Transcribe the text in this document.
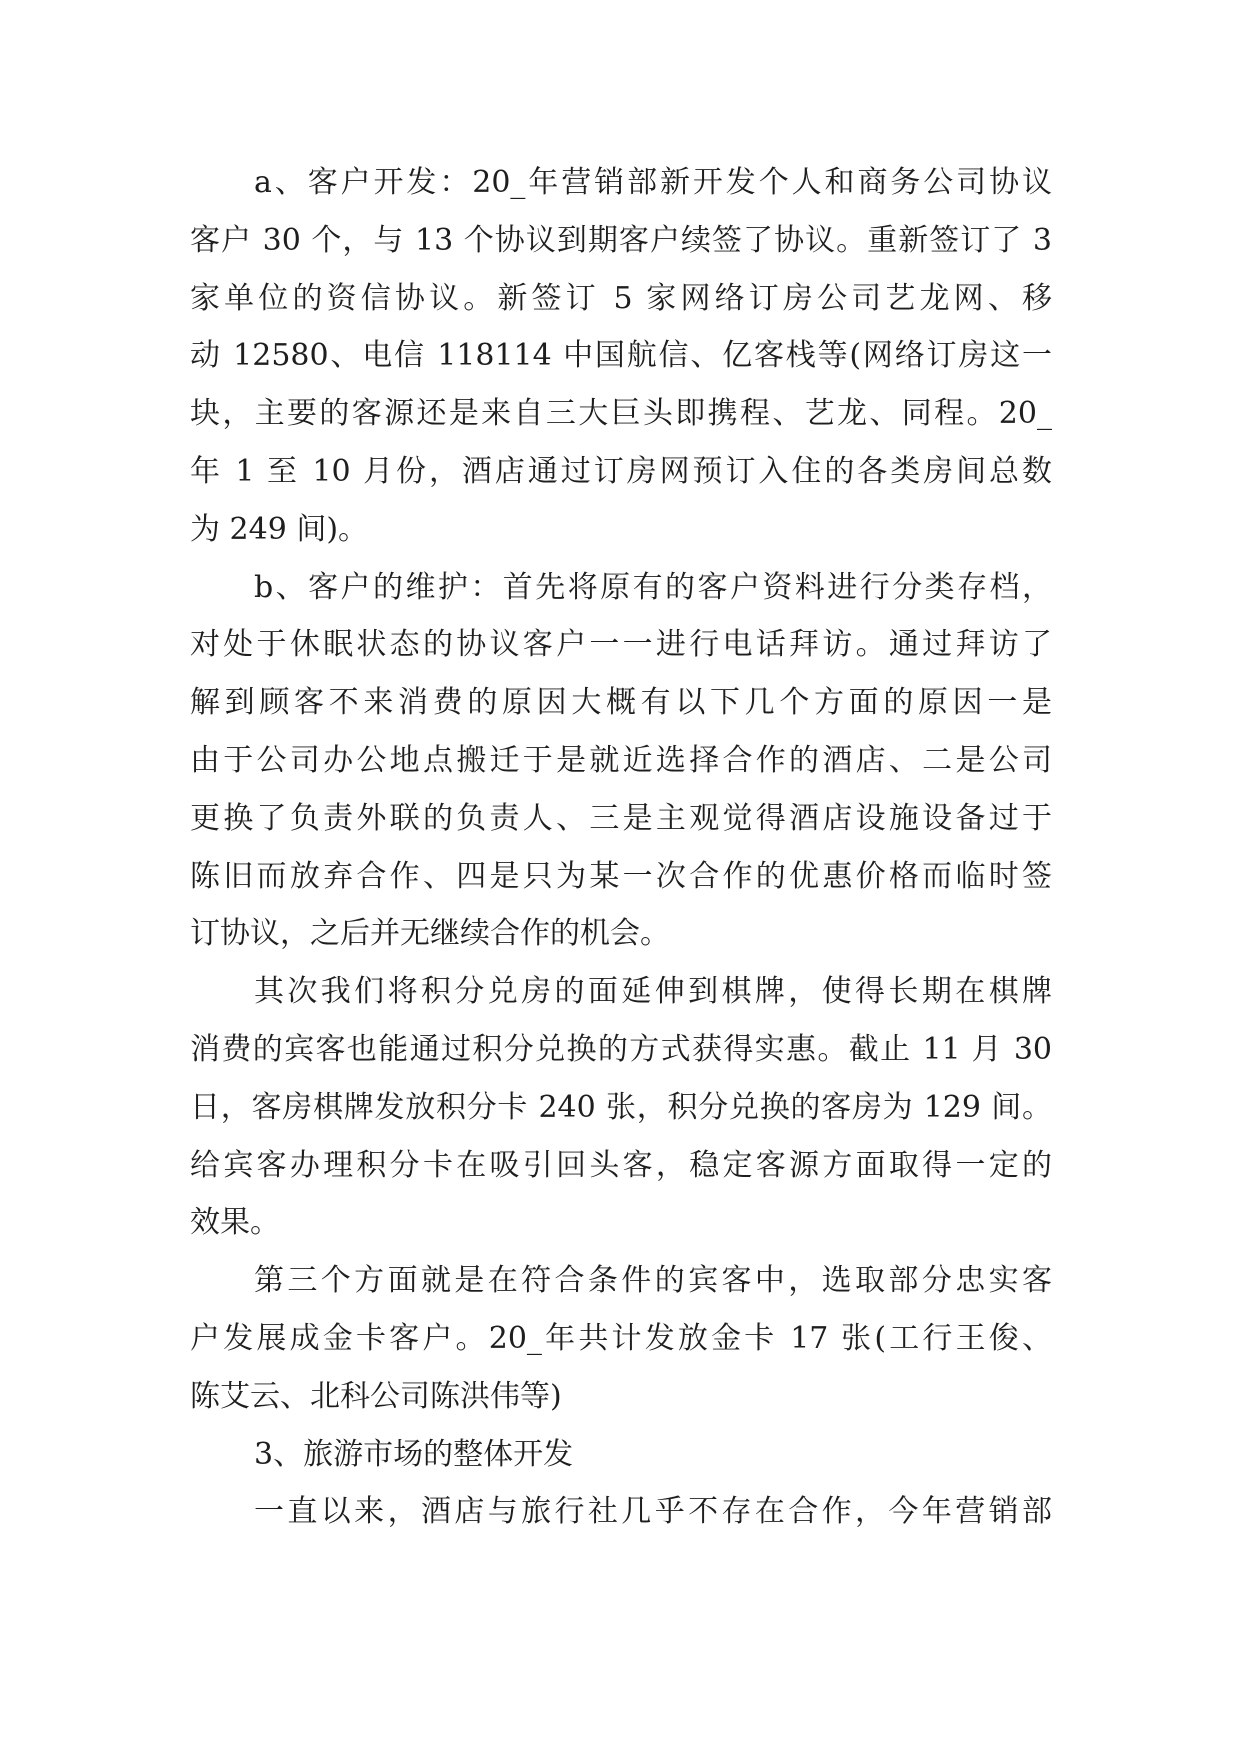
a、客户开发：20_年营销部新开发个人和商务公司协议
客户 30 个，与 13 个协议到期客户续签了协议。重新签订了 3
家单位的资信协议。新签订 5 家网络订房公司艺龙网、移
动 12580、电信 118114 中国航信、亿客栈等(网络订房这一
块，主要的客源还是来自三大巨头即携程、艺龙、同程。20_
年 1 至 10 月份，酒店通过订房网预订入住的各类房间总数
为 249 间)。
b、客户的维护：首先将原有的客户资料进行分类存档，
对处于休眠状态的协议客户一一进行电话拜访。通过拜访了
解到顾客不来消费的原因大概有以下几个方面的原因一是
由于公司办公地点搬迁于是就近选择合作的酒店、二是公司
更换了负责外联的负责人、三是主观觉得酒店设施设备过于
陈旧而放弃合作、四是只为某一次合作的优惠价格而临时签
订协议，之后并无继续合作的机会。
其次我们将积分兑房的面延伸到棋牌，使得长期在棋牌
消费的宾客也能通过积分兑换的方式获得实惠。截止 11 月 30
日，客房棋牌发放积分卡 240 张，积分兑换的客房为 129 间。
给宾客办理积分卡在吸引回头客，稳定客源方面取得一定的
效果。
第三个方面就是在符合条件的宾客中，选取部分忠实客
户发展成金卡客户。20_年共计发放金卡 17 张(工行王俊、
陈艾云、北科公司陈洪伟等)
3、旅游市场的整体开发
一直以来，酒店与旅行社几乎不存在合作，今年营销部
